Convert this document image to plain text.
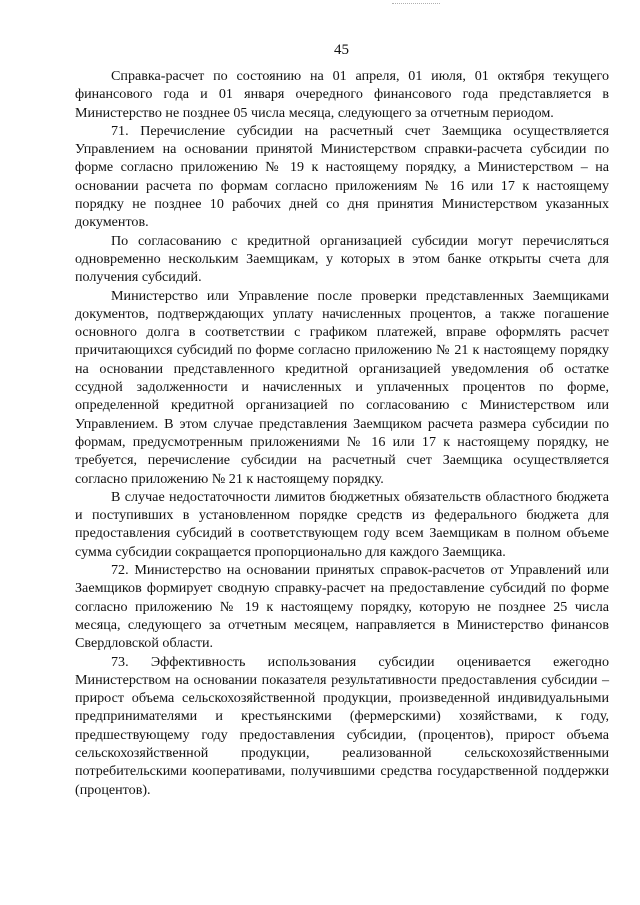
45

Справка-расчет по состоянию на 01 апреля, 01 июля, 01 октября текущего финансового года и 01 января очередного финансового года представляется в Министерство не позднее 05 числа месяца, следующего за отчетным периодом.

71. Перечисление субсидии на расчетный счет Заемщика осуществляется Управлением на основании принятой Министерством справки-расчета субсидии по форме согласно приложению № 19 к настоящему порядку, а Министерством – на основании расчета по формам согласно приложениям № 16 или 17 к настоящему порядку не позднее 10 рабочих дней со дня принятия Министерством указанных документов.

По согласованию с кредитной организацией субсидии могут перечисляться одновременно нескольким Заемщикам, у которых в этом банке открыты счета для получения субсидий.

Министерство или Управление после проверки представленных Заемщиками документов, подтверждающих уплату начисленных процентов, а также погашение основного долга в соответствии с графиком платежей, вправе оформлять расчет причитающихся субсидий по форме согласно приложению № 21 к настоящему порядку на основании представленного кредитной организацией уведомления об остатке ссудной задолженности и начисленных и уплаченных процентов по форме, определенной кредитной организацией по согласованию с Министерством или Управлением. В этом случае представления Заемщиком расчета размера субсидии по формам, предусмотренным приложениями № 16 или 17 к настоящему порядку, не требуется, перечисление субсидии на расчетный счет Заемщика осуществляется согласно приложению № 21 к настоящему порядку.

В случае недостаточности лимитов бюджетных обязательств областного бюджета и поступивших в установленном порядке средств из федерального бюджета для предоставления субсидий в соответствующем году всем Заемщикам в полном объеме сумма субсидии сокращается пропорционально для каждого Заемщика.

72. Министерство на основании принятых справок-расчетов от Управлений или Заемщиков формирует сводную справку-расчет на предоставление субсидий по форме согласно приложению № 19 к настоящему порядку, которую не позднее 25 числа месяца, следующего за отчетным месяцем, направляется в Министерство финансов Свердловской области.

73. Эффективность использования субсидии оценивается ежегодно Министерством на основании показателя результативности предоставления субсидии – прирост объема сельскохозяйственной продукции, произведенной индивидуальными предпринимателями и крестьянскими (фермерскими) хозяйствами, к году, предшествующему году предоставления субсидии, (процентов), прирост объема сельскохозяйственной продукции, реализованной сельскохозяйственными потребительскими кооперативами, получившими средства государственной поддержки (процентов).
